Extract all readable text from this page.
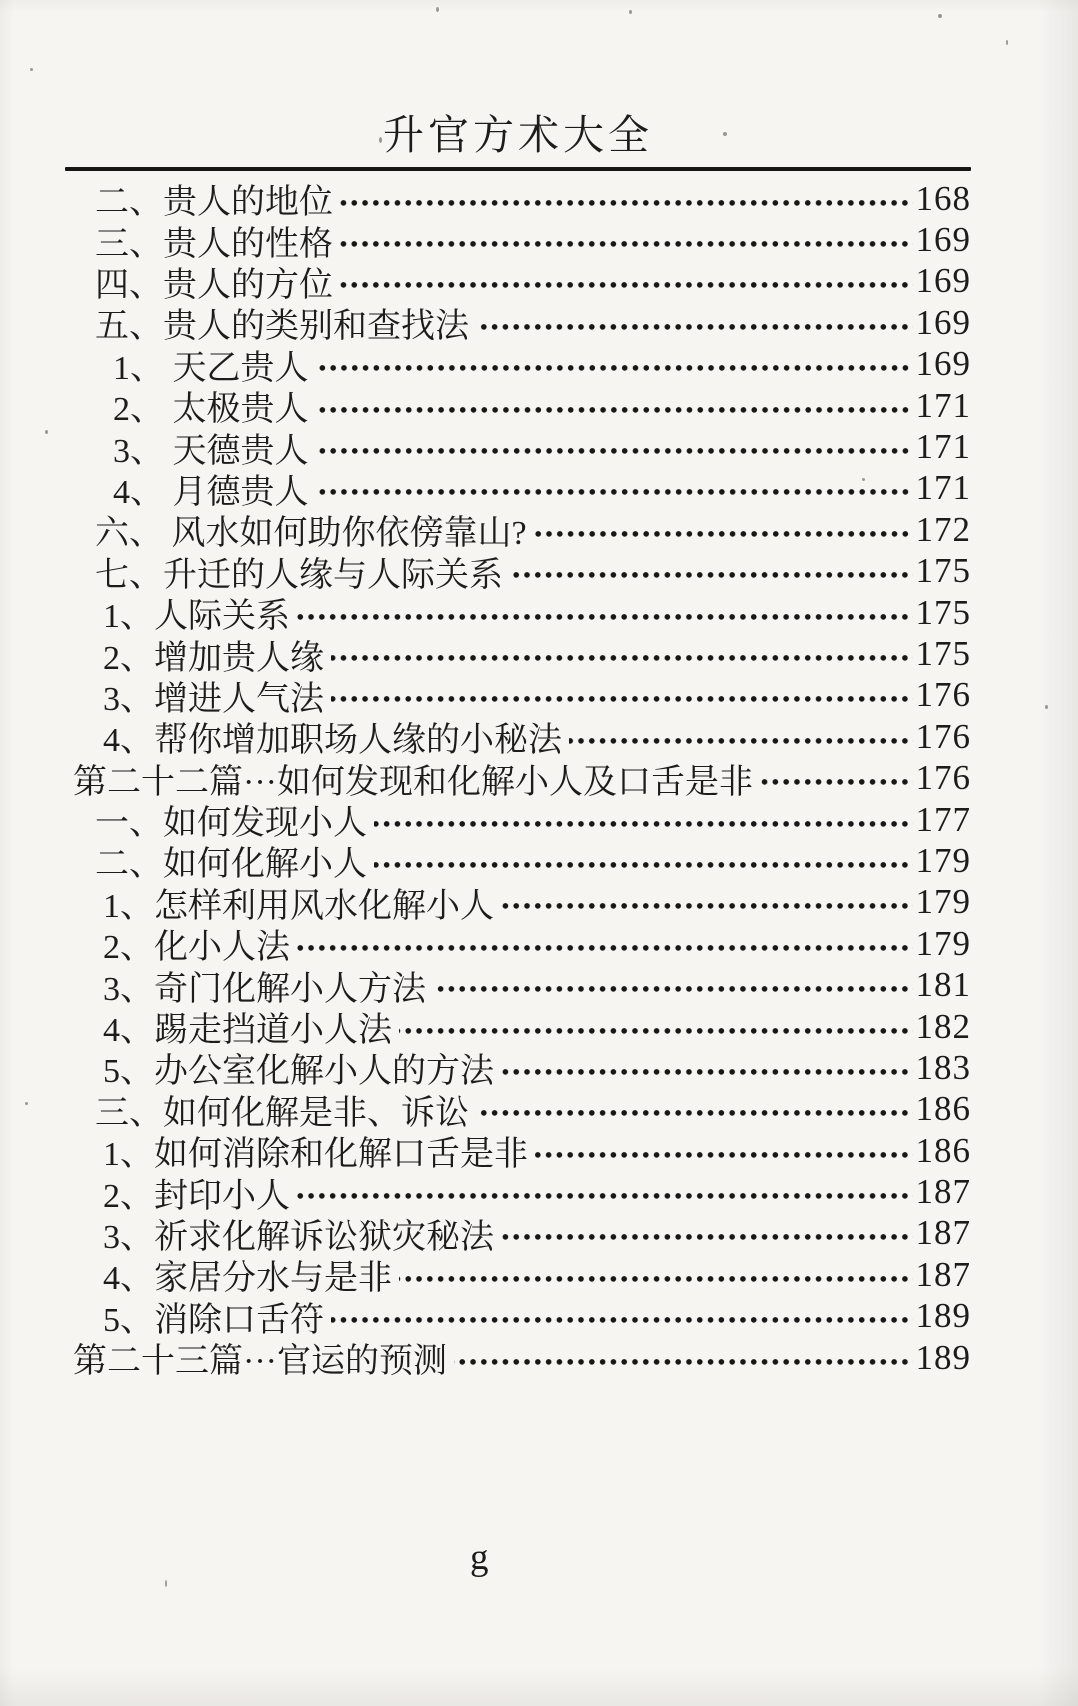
升官方术大全
二、贵人的地位	168
三、贵人的性格	169
四、贵人的方位	169
五、贵人的类别和查找法	169
1、 天乙贵人	169
2、 太极贵人	171
3、 天德贵人	171
4、 月德贵人	171
六、 风水如何助你依傍靠山?	172
七、升迁的人缘与人际关系	175
1、人际关系	175
2、增加贵人缘	175
3、增进人气法	176
4、帮你增加职场人缘的小秘法	176
第二十二篇···如何发现和化解小人及口舌是非	176
一、如何发现小人	177
二、如何化解小人	179
1、怎样利用风水化解小人	179
2、化小人法	179
3、奇门化解小人方法	181
4、踢走挡道小人法	182
5、办公室化解小人的方法	183
三、如何化解是非、诉讼	186
1、如何消除和化解口舌是非	186
2、封印小人	187
3、祈求化解诉讼狱灾秘法	187
4、家居分水与是非	187
5、消除口舌符	189
第二十三篇···官运的预测	189
g
